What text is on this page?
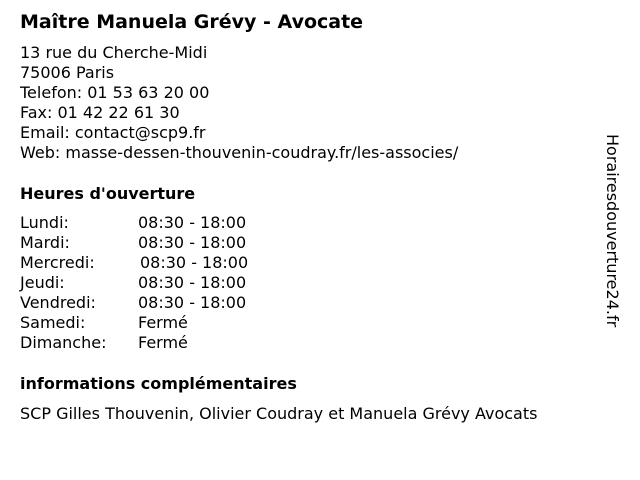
Maître Manuela Grévy - Avocate
13 rue du Cherche-Midi
75006 Paris
Telefon: 01 53 63 20 00
Fax: 01 42 22 61 30
Email: contact@scp9.fr
Web: masse-dessen-thouvenin-coudray.fr/les-associes/
Heures d'ouverture
Lundi:	08:30 - 18:00
Mardi:	08:30 - 18:00
Mercredi:	08:30 - 18:00
Jeudi:	08:30 - 18:00
Vendredi:	08:30 - 18:00
Samedi:	Fermé
Dimanche: Fermé
informations complémentaires
SCP Gilles Thouvenin, Olivier Coudray et Manuela Grévy Avocats
Horairesdouverture24.fr
